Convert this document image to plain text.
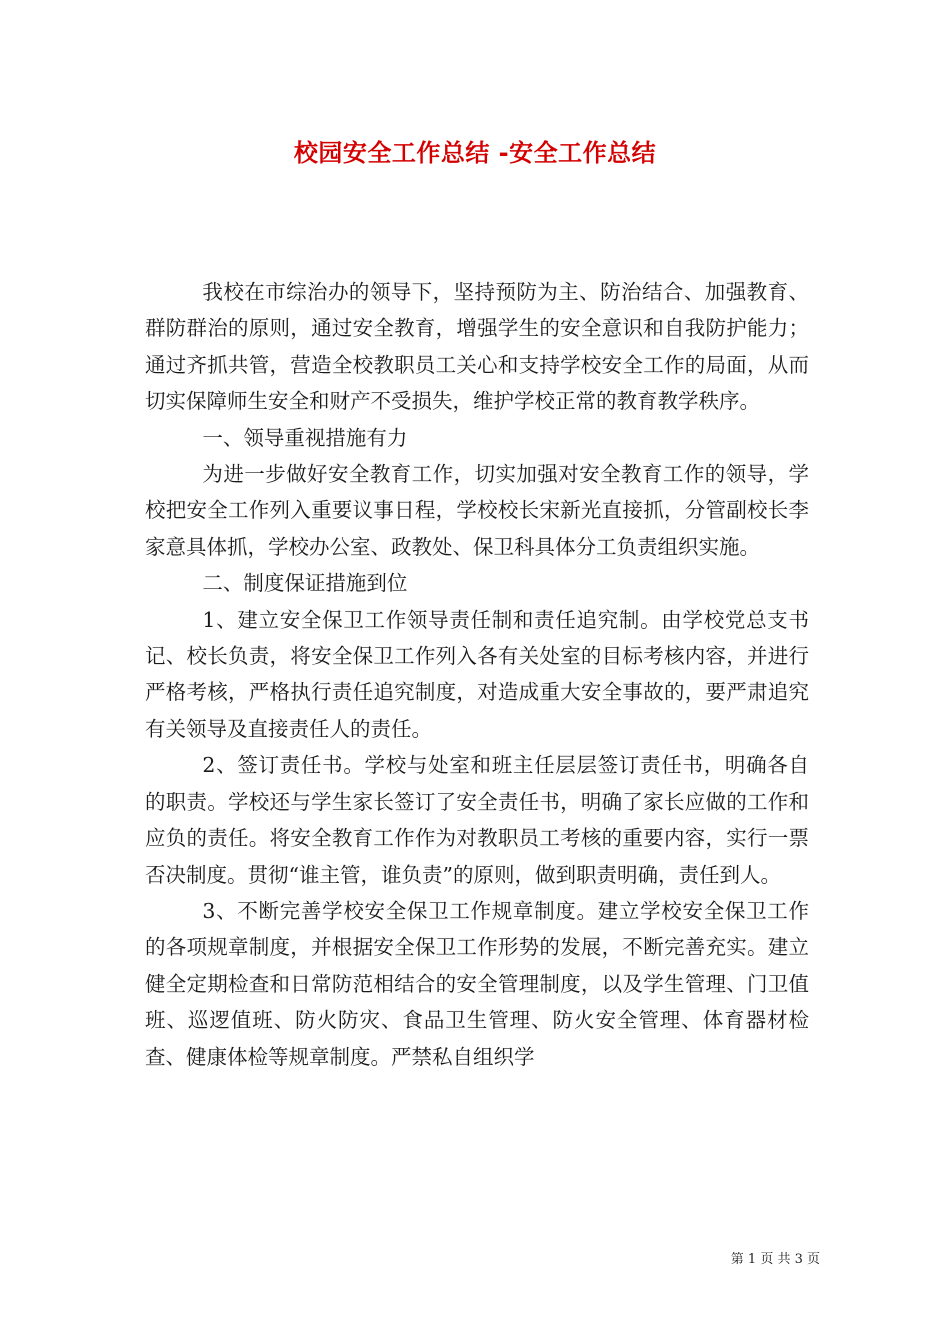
校园安全工作总结 -安全工作总结

我校在市综治办的领导下，坚持预防为主、防治结合、加强教育、群防群治的原则，通过安全教育，增强学生的安全意识和自我防护能力；通过齐抓共管，营造全校教职员工关心和支持学校安全工作的局面，从而切实保障师生安全和财产不受损失，维护学校正常的教育教学秩序。

一、领导重视措施有力

为进一步做好安全教育工作，切实加强对安全教育工作的领导，学校把安全工作列入重要议事日程，学校校长宋新光直接抓，分管副校长李家意具体抓，学校办公室、政教处、保卫科具体分工负责组织实施。

二、制度保证措施到位

1、建立安全保卫工作领导责任制和责任追究制。由学校党总支书记、校长负责，将安全保卫工作列入各有关处室的目标考核内容，并进行严格考核，严格执行责任追究制度，对造成重大安全事故的，要严肃追究有关领导及直接责任人的责任。

2、签订责任书。学校与处室和班主任层层签订责任书，明确各自的职责。学校还与学生家长签订了安全责任书，明确了家长应做的工作和应负的责任。将安全教育工作作为对教职员工考核的重要内容，实行一票否决制度。贯彻“谁主管，谁负责”的原则，做到职责明确，责任到人。

3、不断完善学校安全保卫工作规章制度。建立学校安全保卫工作的各项规章制度，并根据安全保卫工作形势的发展，不断完善充实。建立健全定期检查和日常防范相结合的安全管理制度，以及学生管理、门卫值班、巡逻值班、防火防灾、食品卫生管理、防火安全管理、体育器材检查、健康体检等规章制度。严禁私自组织学

第 1 页 共 3 页
